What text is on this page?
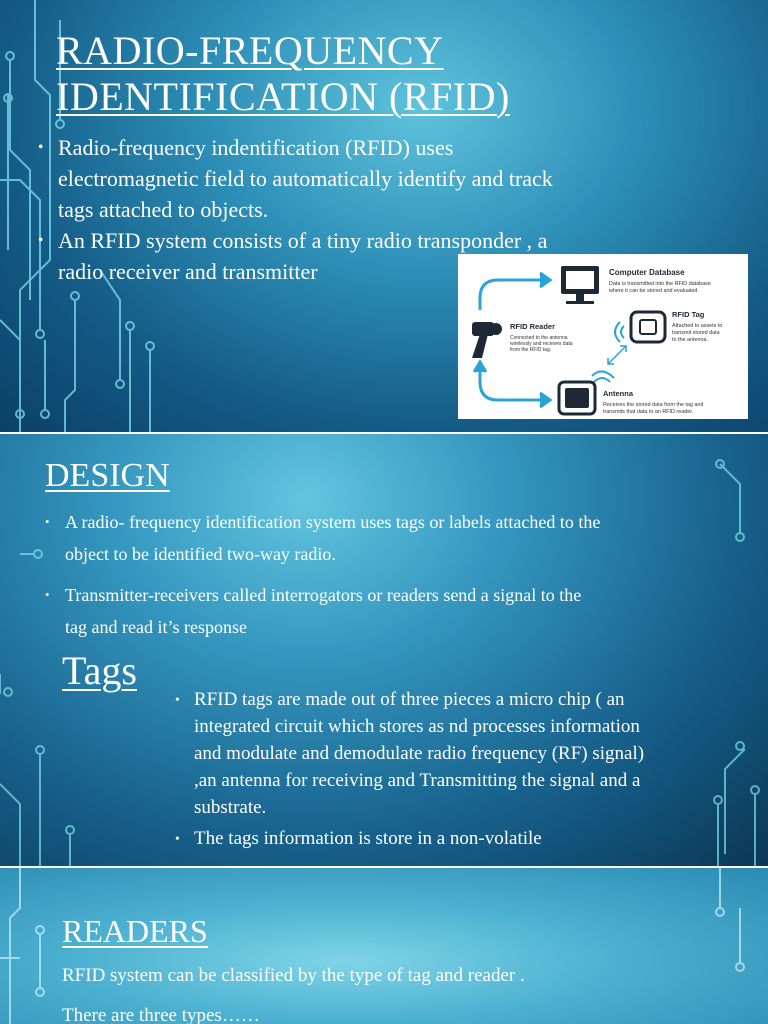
RADIO-FREQUENCY
IDENTIFICATION (RFID)
• Radio-frequency indentification (RFID) uses electromagnetic field to automatically identify and track tags attached to objects.
• An RFID system consists of a tiny radio transponder , a radio receiver and transmitter	Computer Database
Data is transmitted into the RFID database
where it can be stored and evaluated.
RFID Reader
Connected to the antenna
wirelessly and receives data
from the RFID tag.
RFID Tag
Attached to assets to
transmit stored data
to the antenna.
Antenna
Receives the stored data from the tag and
transmits that data to an RFID reader.
DESIGN
• A radio- frequency identification system uses tags or labels attached to the object to be identified two-way radio.
• Transmitter-receivers called interrogators or readers send a signal to the tag and read it’s response
Tags
• RFID tags are made out of three pieces a micro chip ( an integrated circuit which stores as nd processes information and modulate and demodulate radio frequency (RF) signal) ,an antenna for receiving and Transmitting the signal and a substrate.
• The tags information is store in a non-volatile
READERS

RFID system can be classified by the type of tag and reader .

There are three types……
